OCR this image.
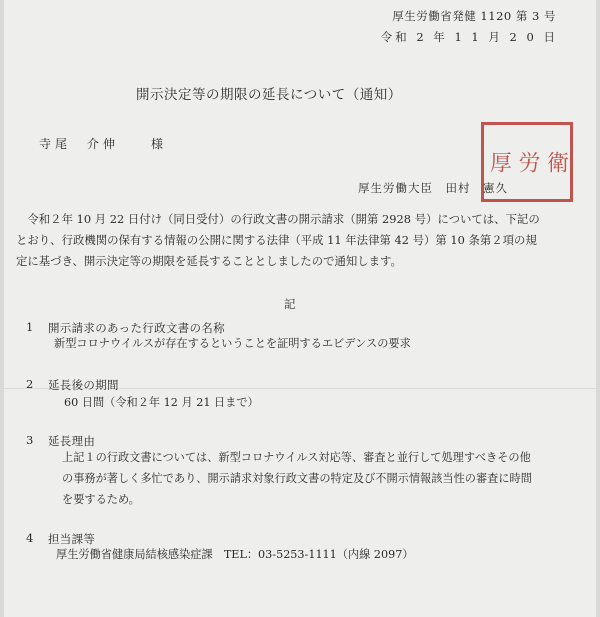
厚生労働省発健 1120 第 3 号
令和 2 年 1 1 月 2 0 日
開示決定等の期限の延長について（通知）
寺尾　介伸　　様
厚 労 衛
厚生労働大臣　田村　憲久
　令和２年 10 月 22 日付け（同日受付）の行政文書の開示請求（開第 2928 号）については、下記の
とおり、行政機関の保有する情報の公開に関する法律（平成 11 年法律第 42 号）第 10 条第２項の規
定に基づき、開示決定等の期限を延長することとしましたので通知します。
記
1 開示請求のあった行政文書の名称
新型コロナウイルスが存在するということを証明するエビデンスの要求
2 延長後の期間
60 日間（令和２年 12 月 21 日まで）
3 延長理由
上記１の行政文書については、新型コロナウイルス対応等、審査と並行して処理すべきその他
の事務が著しく多忙であり、開示請求対象行政文書の特定及び不開示情報該当性の審査に時間
を要するため。
4 担当課等
厚生労働省健康局結核感染症課　TEL：03-5253-1111（内線 2097）
